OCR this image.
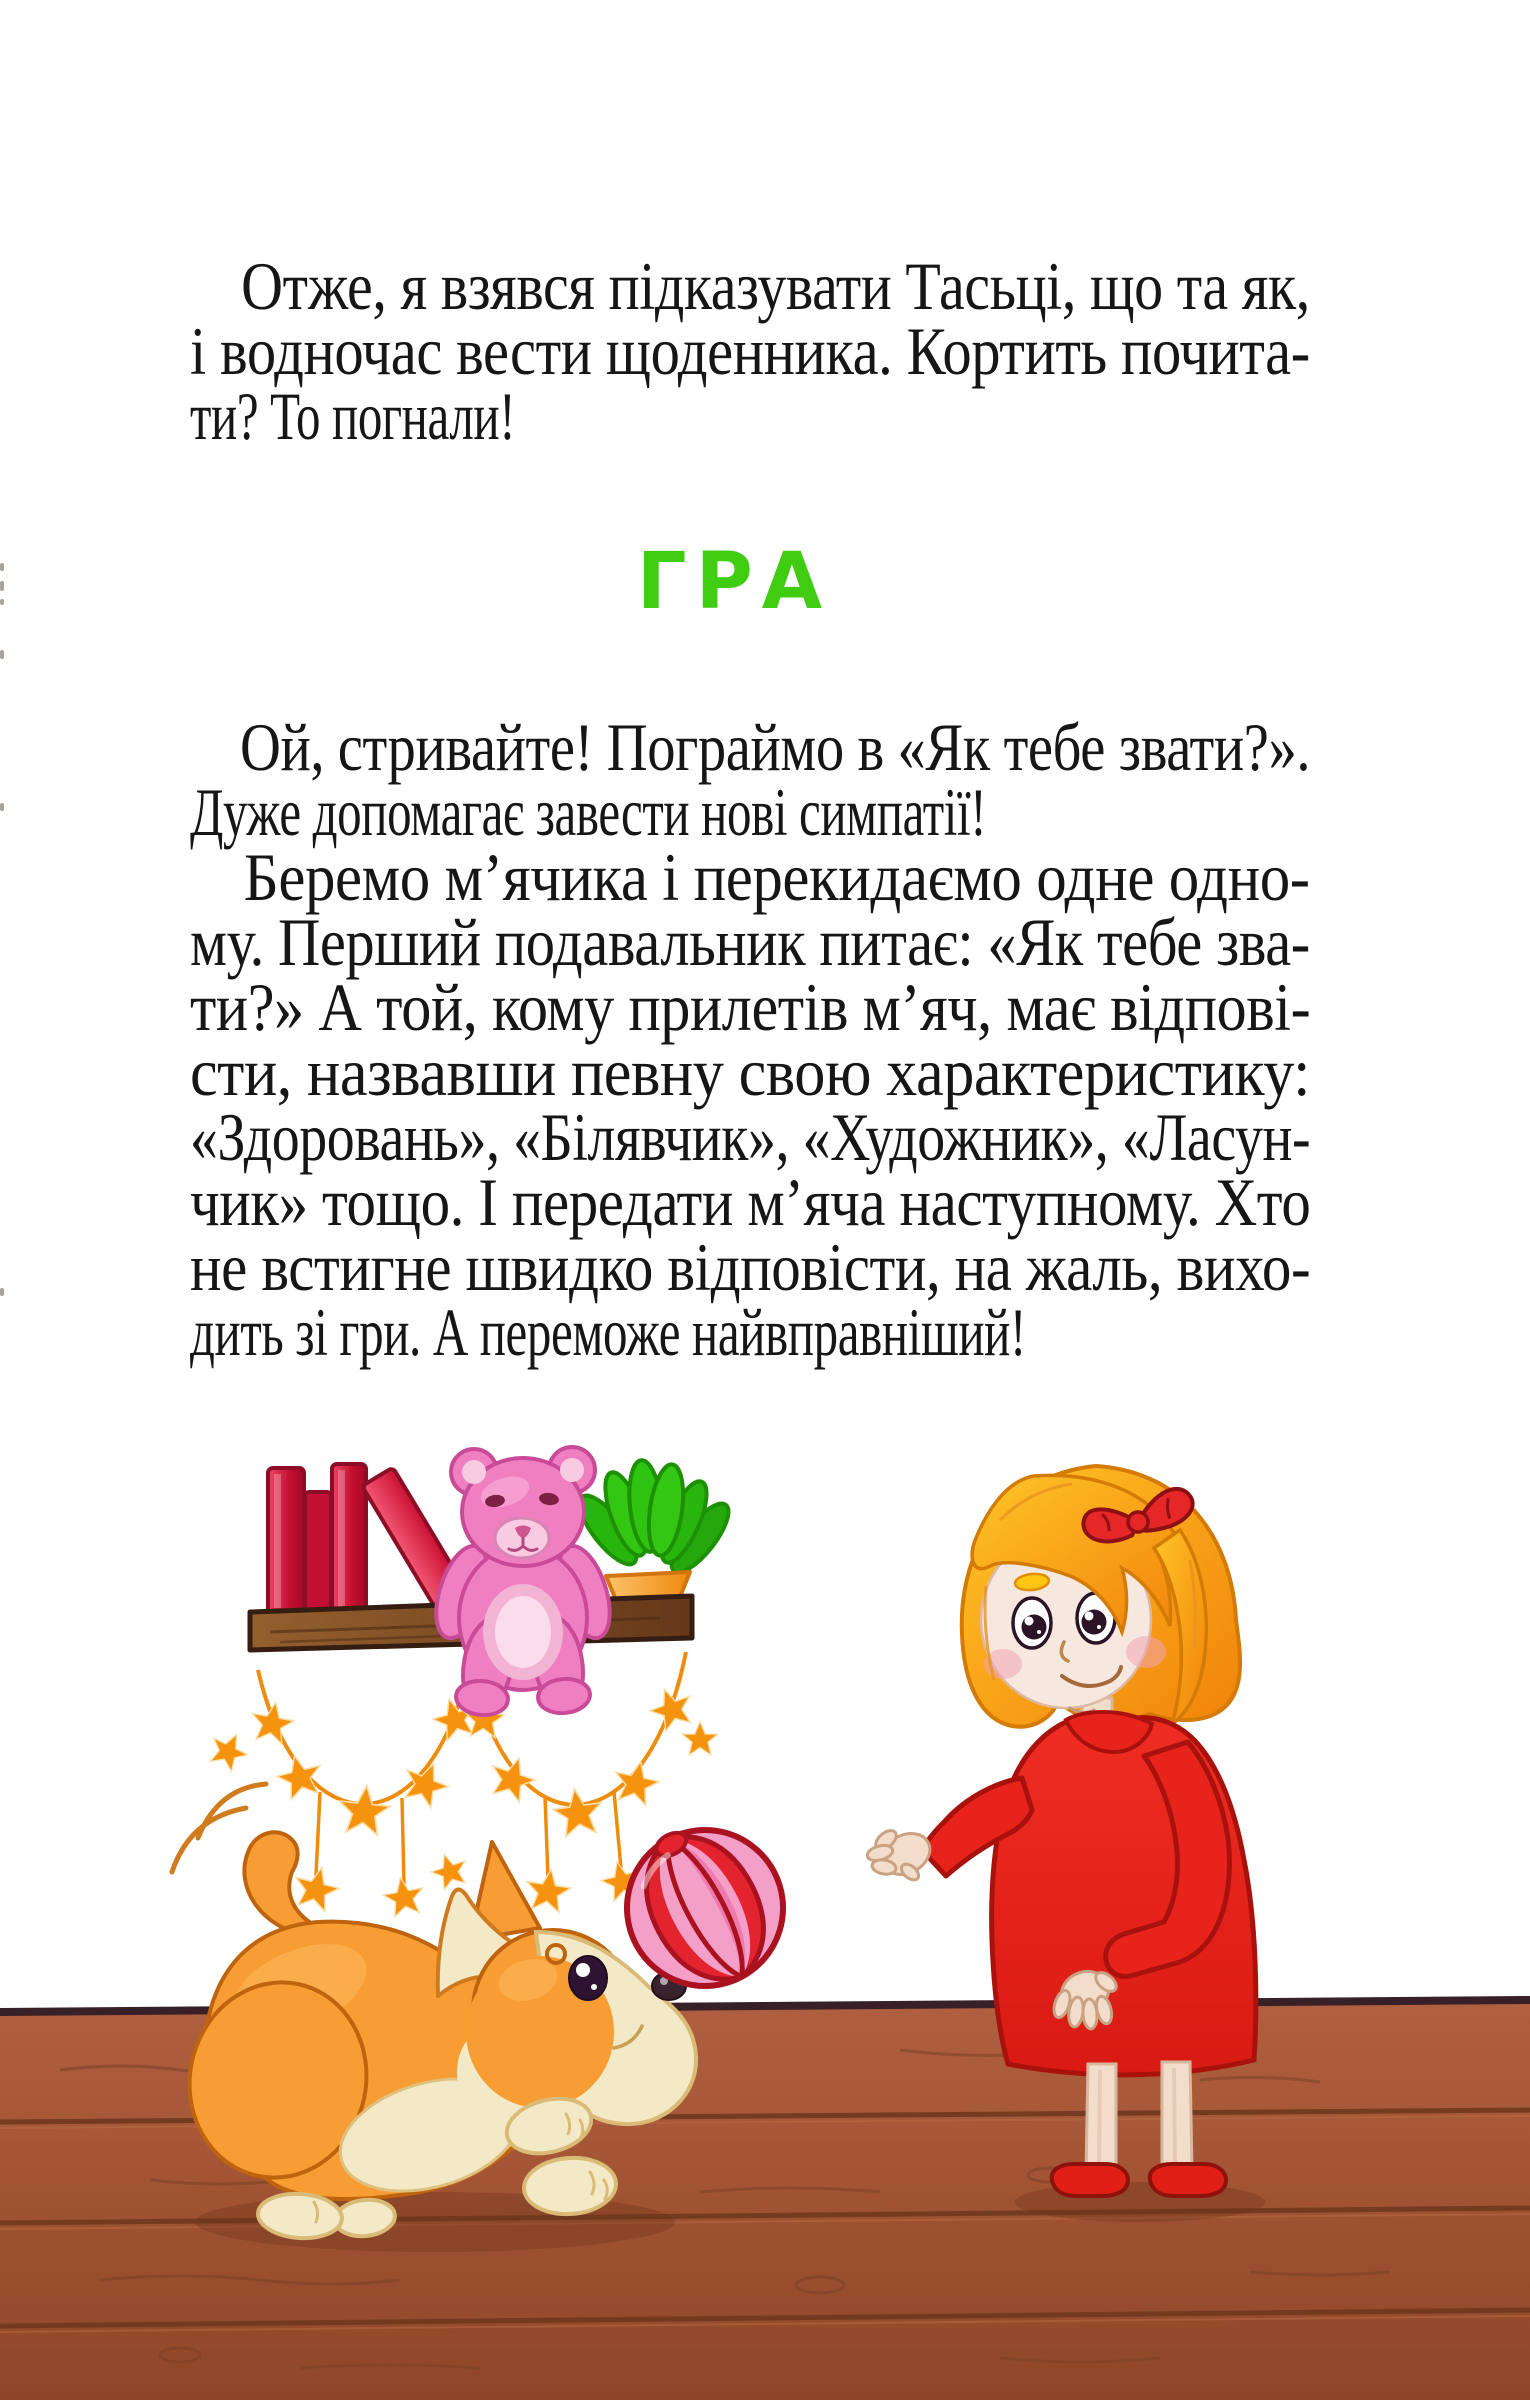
Отже, я взявся підказувати Тасьці, що та як,
і водночас вести щоденника. Кортить почита-
ти? То погнали!
ГРА
Ой, стривайте! Пограймо в «Як тебе звати?».
Дуже допомагає завести нові симпатії!
Беремо м’ячика і перекидаємо одне одно-
му. Перший подавальник питає: «Як тебе зва-
ти?» А той, кому прилетів м’яч, має відпові-
сти, назвавши певну свою характеристику:
«Здоровань», «Білявчик», «Художник», «Ласун-
чик» тощо. І передати м’яча наступному. Хто
не встигне швидко відповісти, на жаль, вихо-
дить зі гри. А переможе найвправніший!
